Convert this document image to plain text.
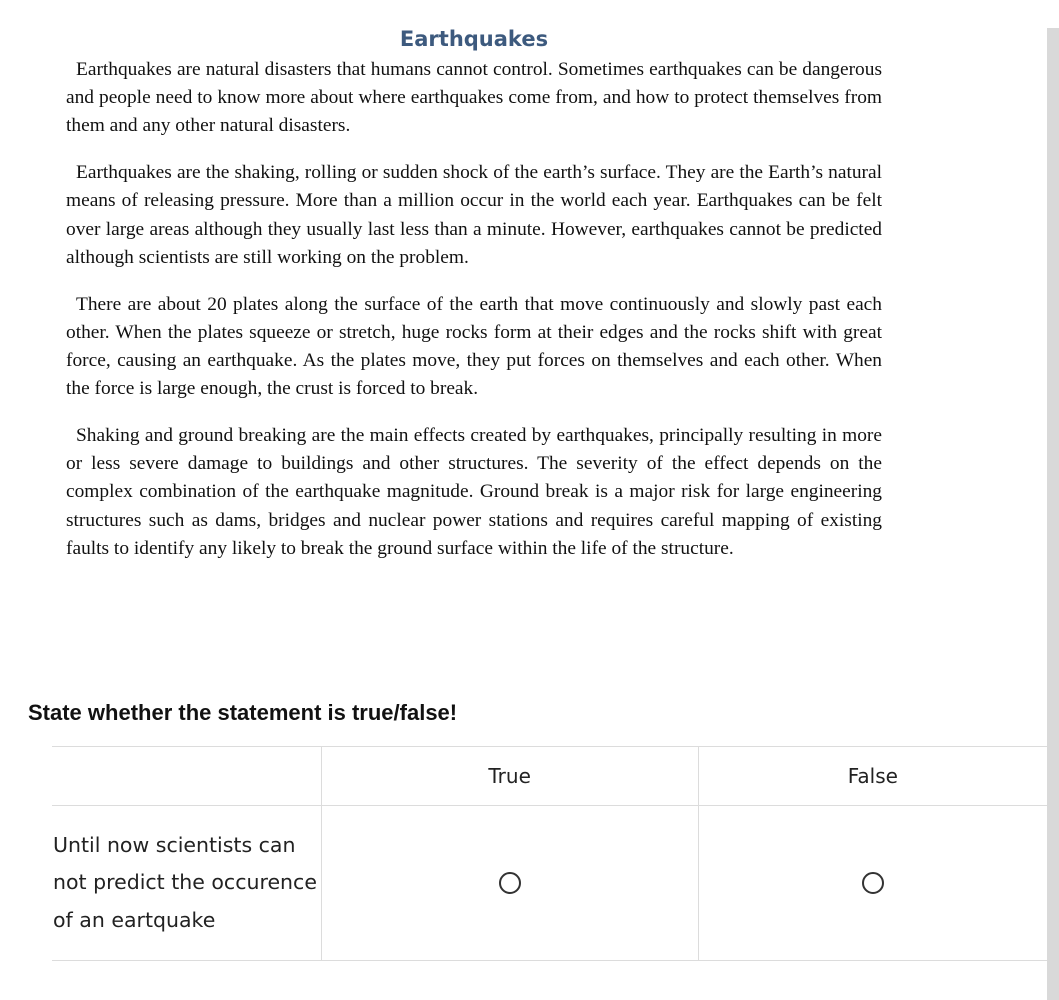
Earthquakes

Earthquakes are natural disasters that humans cannot control. Sometimes earthquakes can be dangerous and people need to know more about where earthquakes come from, and how to protect themselves from them and any other natural disasters.

Earthquakes are the shaking, rolling or sudden shock of the earth’s surface. They are the Earth’s natural means of releasing pressure. More than a million occur in the world each year. Earthquakes can be felt over large areas although they usually last less than a minute. However, earthquakes cannot be predicted although scientists are still working on the problem.

There are about 20 plates along the surface of the earth that move continuously and slowly past each other. When the plates squeeze or stretch, huge rocks form at their edges and the rocks shift with great force, causing an earthquake. As the plates move, they put forces on themselves and each other. When the force is large enough, the crust is forced to break.

Shaking and ground breaking are the main effects created by earthquakes, principally resulting in more or less severe damage to buildings and other structures. The severity of the effect depends on the complex combination of the earthquake magnitude. Ground break is a major risk for large engineering structures such as dams, bridges and nuclear power stations and requires careful mapping of existing faults to identify any likely to break the ground surface within the life of the structure.

State whether the statement is true/false!
	True	False

Until now scientists can not predict the occurence of an eartquake		
